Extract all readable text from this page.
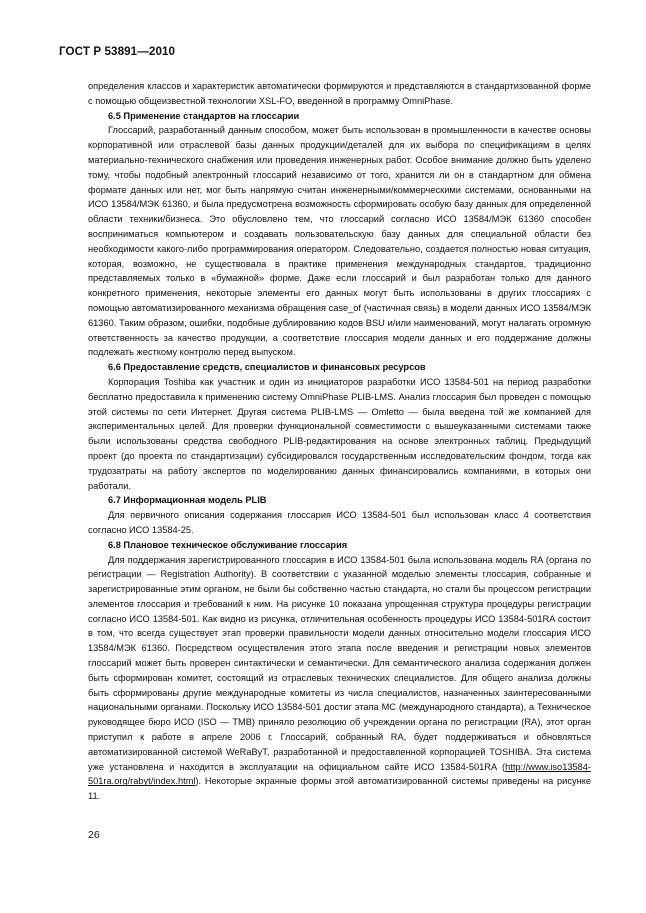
ГОСТ Р 53891—2010

определения классов и характеристик автоматически формируются и представляются в стандартизованной форме с помощью общеизвестной технологии XSL-FO, введенной в программу OmniPhase.

6.5 Применение стандартов на глоссарии

Глоссарий, разработанный данным способом, может быть использован в промышленности в качестве основы корпоративной или отраслевой базы данных продукции/деталей для их выбора по спецификациям в целях материально-технического снабжения или проведения инженерных работ. Особое внимание должно быть уделено тому, чтобы подобный электронный глоссарий независимо от того, хранится ли он в стандартном для обмена формате данных или нет, мог быть напрямую считан инженерными/коммерческими системами, основанными на ИСО 13584/МЭК 61360, и была предусмотрена возможность сформировать особую базу данных для определенной области техники/бизнеса. Это обусловлено тем, что глоссарий согласно ИСО 13584/МЭК 61360 способен восприниматься компьютером и создавать пользовательскую базу данных для специальной области без необходимости какого-либо программирования оператором. Следовательно, создается полностью новая ситуация, которая, возможно, не существовала в практике применения международных стандартов, традиционно представляемых только в «бумажной» форме. Даже если глоссарий и был разработан только для данного конкретного применения, некоторые элементы его данных могут быть использованы в других глоссариях с помощью автоматизированного механизма обращения case_of (частичная связь) в модели данных ИСО 13584/МЭК 61360. Таким образом, ошибки, подобные дублированию кодов BSU и/или наименований, могут налагать огромную ответственность за качество продукции, а соответствие глоссария модели данных и его поддержание должны подлежать жесткому контролю перед выпуском.

6.6 Предоставление средств, специалистов и финансовых ресурсов

Корпорация Toshiba как участник и один из инициаторов разработки ИСО 13584-501 на период разработки бесплатно предоставила к применению систему OmniPhase PLIB-LMS. Анализ глоссария был проведен с помощью этой системы по сети Интернет. Другая система PLIB-LMS — Omletto — была введена той же компанией для экспериментальных целей. Для проверки функциональной совместимости с вышеуказанными системами также были использованы средства свободного PLIB-редактирования на основе электронных таблиц. Предыдущий проект (до проекта по стандартизации) субсидировался государственным исследовательским фондом, тогда как трудозатраты на работу экспертов по моделированию данных финансировались компаниями, в которых они работали.

6.7 Информационная модель PLIB

Для первичного описания содержания глоссария ИСО 13584-501 был использован класс 4 соответствия согласно ИСО 13584-25.

6.8 Плановое техническое обслуживание глоссария

Для поддержания зарегистрированного глоссария в ИСО 13584-501 была использована модель RA (органа по регистрации — Registration Authority). В соответствии с указанной моделью элементы глоссария, собранные и зарегистрированные этим органом, не были бы собственно частью стандарта, но стали бы процессом регистрации элементов глоссария и требований к ним. На рисунке 10 показана упрощенная структура процедуры регистрации согласно ИСО 13584-501. Как видно из рисунка, отличительная особенность процедуры ИСО 13584-501RA состоит в том, что всегда существует этап проверки правильности модели данных относительно модели глоссария ИСО 13584/МЭК 61360. Посредством осуществления этого этапа после введения и регистрации новых элементов глоссарий может быть проверен синтактически и семантически. Для семантического анализа содержания должен быть сформирован комитет, состоящий из отраслевых технических специалистов. Для общего анализа должны быть сформированы другие международные комитеты из числа специалистов, назначенных заинтересованными национальными органами. Поскольку ИСО 13584-501 достиг этапа МС (международного стандарта), а Техническое руководящее бюро ИСО (ISO — TMB) приняло резолюцию об учреждении органа по регистрации (RA), этот орган приступил к работе в апреле 2006 г. Глоссарий, собранный RA, будет поддерживаться и обновляться автоматизированной системой WeRaByT, разработанной и предоставленной корпорацией TOSHIBA. Эта система уже установлена и находится в эксплуатации на официальном сайте ИСО 13584-501RA (http://www.iso13584-501ra.org/rabyt/index.html). Некоторые экранные формы этой автоматизированной системы приведены на рисунке 11.

26
